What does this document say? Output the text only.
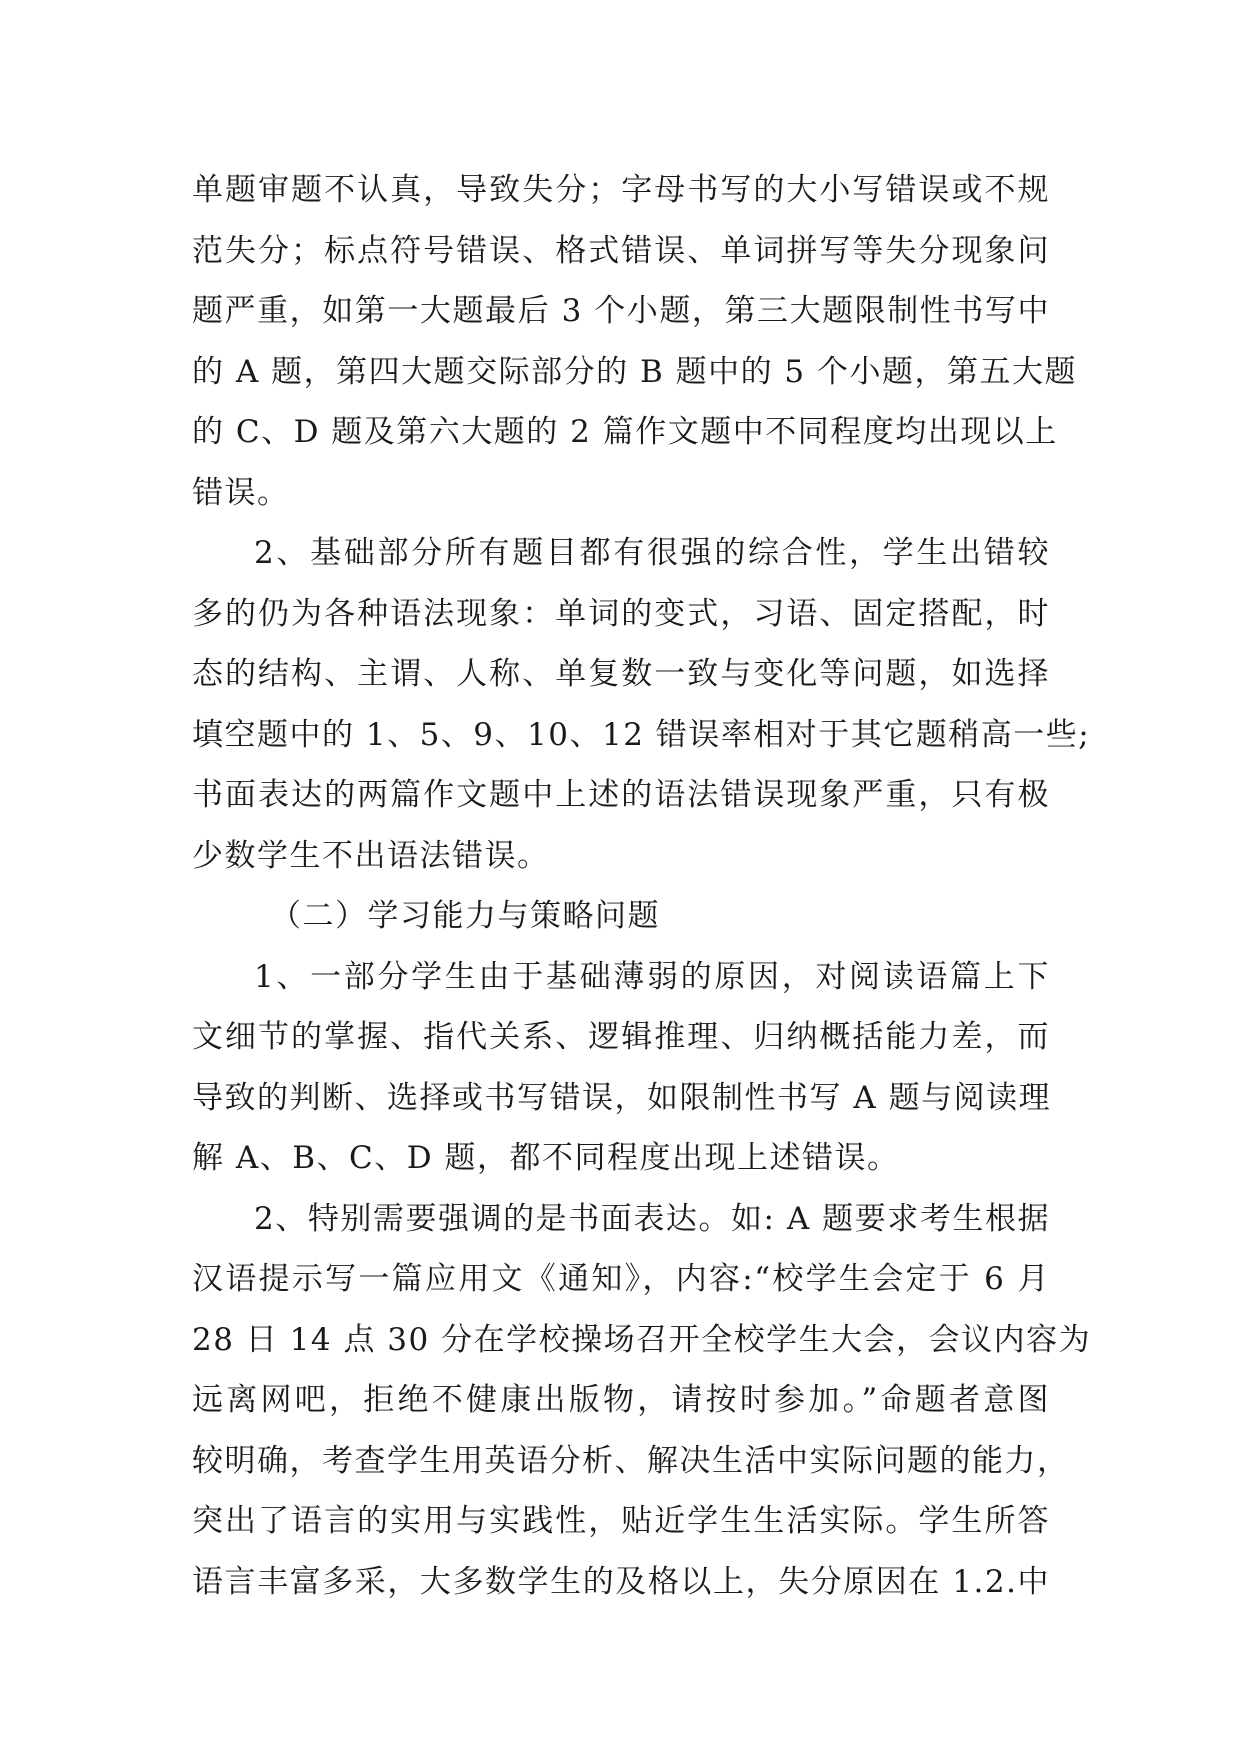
单题审题不认真，导致失分；字母书写的大小写错误或不规
范失分；标点符号错误、格式错误、单词拼写等失分现象问
题严重，如第一大题最后 3 个小题，第三大题限制性书写中
的 A 题，第四大题交际部分的 B 题中的 5 个小题，第五大题
的 C、D 题及第六大题的 2 篇作文题中不同程度均出现以上
错误。
2、基础部分所有题目都有很强的综合性，学生出错较
多的仍为各种语法现象：单词的变式，习语、固定搭配，时
态的结构、主谓、人称、单复数一致与变化等问题，如选择
填空题中的 1、5、9、10、12 错误率相对于其它题稍高一些;
书面表达的两篇作文题中上述的语法错误现象严重，只有极
少数学生不出语法错误。
（二）学习能力与策略问题
1、一部分学生由于基础薄弱的原因，对阅读语篇上下
文细节的掌握、指代关系、逻辑推理、归纳概括能力差，而
导致的判断、选择或书写错误，如限制性书写 A 题与阅读理
解 A、B、C、D 题，都不同程度出现上述错误。
2、特别需要强调的是书面表达。如: A 题要求考生根据
汉语提示写一篇应用文《通知》，内容:“校学生会定于 6 月
28 日 14 点 30 分在学校操场召开全校学生大会，会议内容为
远离网吧，拒绝不健康出版物，请按时参加。”命题者意图
较明确，考查学生用英语分析、解决生活中实际问题的能力，
突出了语言的实用与实践性，贴近学生生活实际。学生所答
语言丰富多采，大多数学生的及格以上，失分原因在 1.2.中
